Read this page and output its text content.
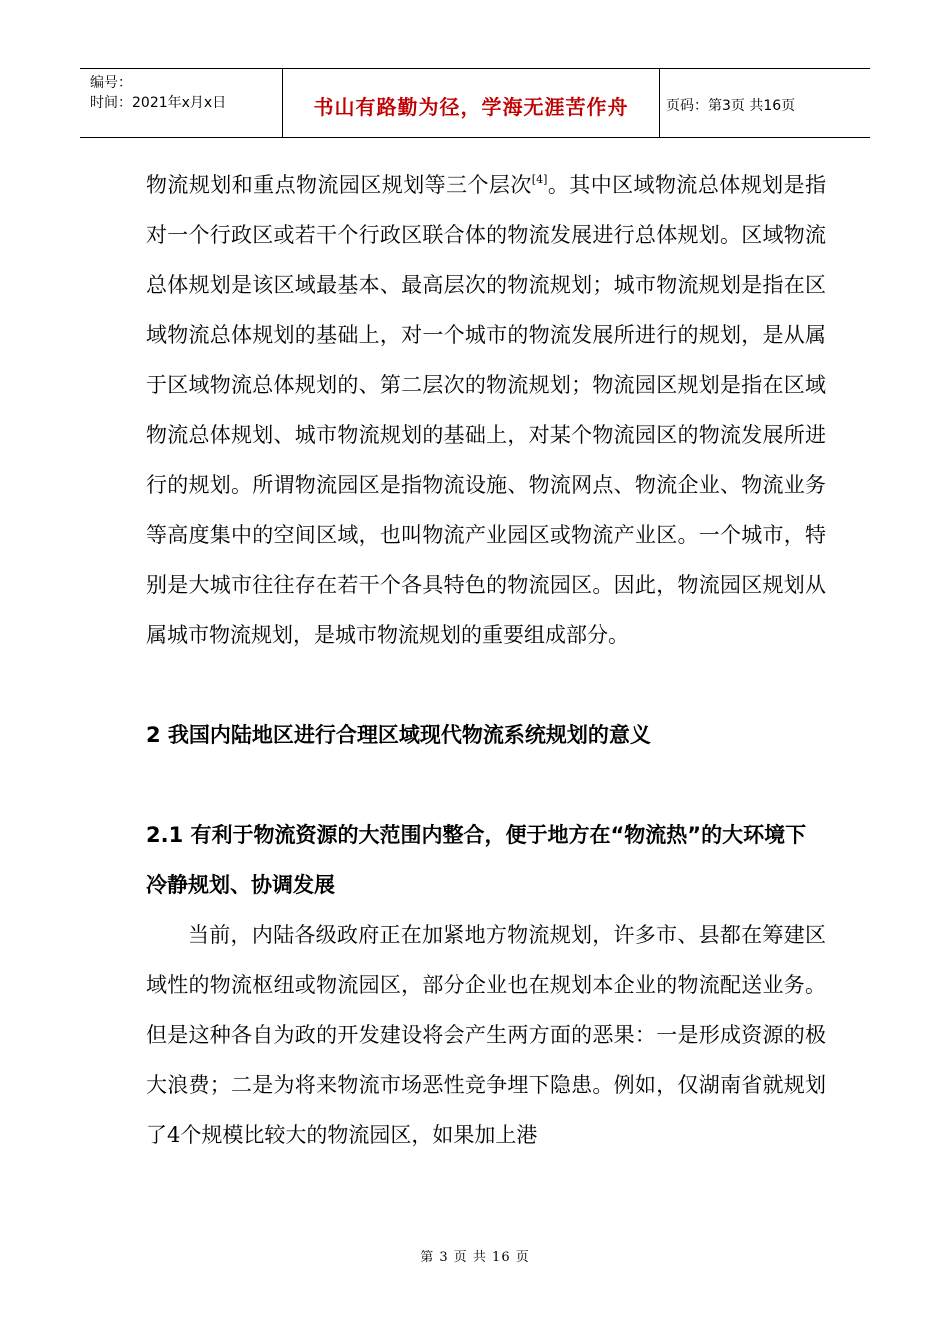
编号：
时间：2021年x月x日	书山有路勤为径，学海无涯苦作舟	页码：第3页 共16页

物流规划和重点物流园区规划等三个层次[4]。其中区域物流总体规划是指对一个行政区或若干个行政区联合体的物流发展进行总体规划。区域物流总体规划是该区域最基本、最高层次的物流规划；城市物流规划是指在区域物流总体规划的基础上，对一个城市的物流发展所进行的规划，是从属于区域物流总体规划的、第二层次的物流规划；物流园区规划是指在区域物流总体规划、城市物流规划的基础上，对某个物流园区的物流发展所进行的规划。所谓物流园区是指物流设施、物流网点、物流企业、物流业务等高度集中的空间区域，也叫物流产业园区或物流产业区。一个城市，特别是大城市往往存在若干个各具特色的物流园区。因此，物流园区规划从属城市物流规划，是城市物流规划的重要组成部分。

2 我国内陆地区进行合理区域现代物流系统规划的意义

2.1 有利于物流资源的大范围内整合，便于地方在“物流热”的大环境下冷静规划、协调发展

当前，内陆各级政府正在加紧地方物流规划，许多市、县都在筹建区域性的物流枢纽或物流园区，部分企业也在规划本企业的物流配送业务。但是这种各自为政的开发建设将会产生两方面的恶果：一是形成资源的极大浪费；二是为将来物流市场恶性竞争埋下隐患。例如，仅湖南省就规划了4个规模比较大的物流园区，如果加上港

第 3 页 共 16 页
